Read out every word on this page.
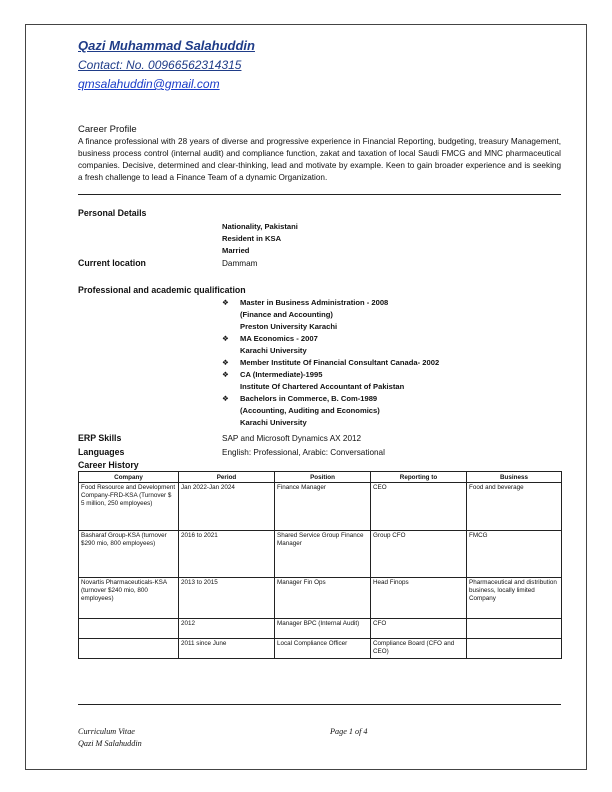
Qazi Muhammad Salahuddin
Contact: No. 00966562314315
qmsalahuddin@gmail.com
Career Profile
A finance professional with 28 years of diverse and progressive experience in Financial Reporting, budgeting, treasury Management, business process control (internal audit) and compliance function, zakat and taxation of local Saudi FMCG and MNC pharmaceutical companies. Decisive, determined and clear-thinking, lead and motivate by example. Keen to gain broader experience and is seeking a fresh challenge to lead a Finance Team of a dynamic Organization.
Personal Details
Nationality, Pakistani
Resident in KSA
Married
Current location	Dammam
Professional and academic qualification
❖ Master in Business Administration - 2008
(Finance and Accounting)
Preston University Karachi
❖ MA Economics - 2007
Karachi University
❖ Member Institute Of Financial Consultant Canada- 2002
❖ CA (Intermediate)-1995
Institute Of Chartered Accountant of Pakistan
❖ Bachelors in Commerce, B. Com-1989
(Accounting, Auditing and Economics)
Karachi University
ERP Skills	SAP and Microsoft Dynamics AX 2012
Languages	English: Professional, Arabic: Conversational
Career History
Company	Period	Position	Reporting to	Business
Food Resource and Development Company-FRD-KSA (Turnover $ 5 million, 250 employees)	Jan 2022-Jan 2024	Finance Manager	CEO	Food and beverage
Basharaf Group-KSA (turnover $290 mio, 800 employees)	2016 to 2021	Shared Service Group Finance Manager	Group CFO	FMCG
Novartis Pharmaceuticals-KSA (turnover $240 mio, 800 employees)	2013 to 2015	Manager Fin Ops	Head Finops	Pharmaceutical and distribution business, locally limited Company
	2012	Manager BPC (Internal Audit)	CFO	
	2011 since June	Local Compliance Officer	Compliance Board (CFO and CEO)	
Curriculum Vitae
Qazi M Salahuddin
Page 1 of 4
